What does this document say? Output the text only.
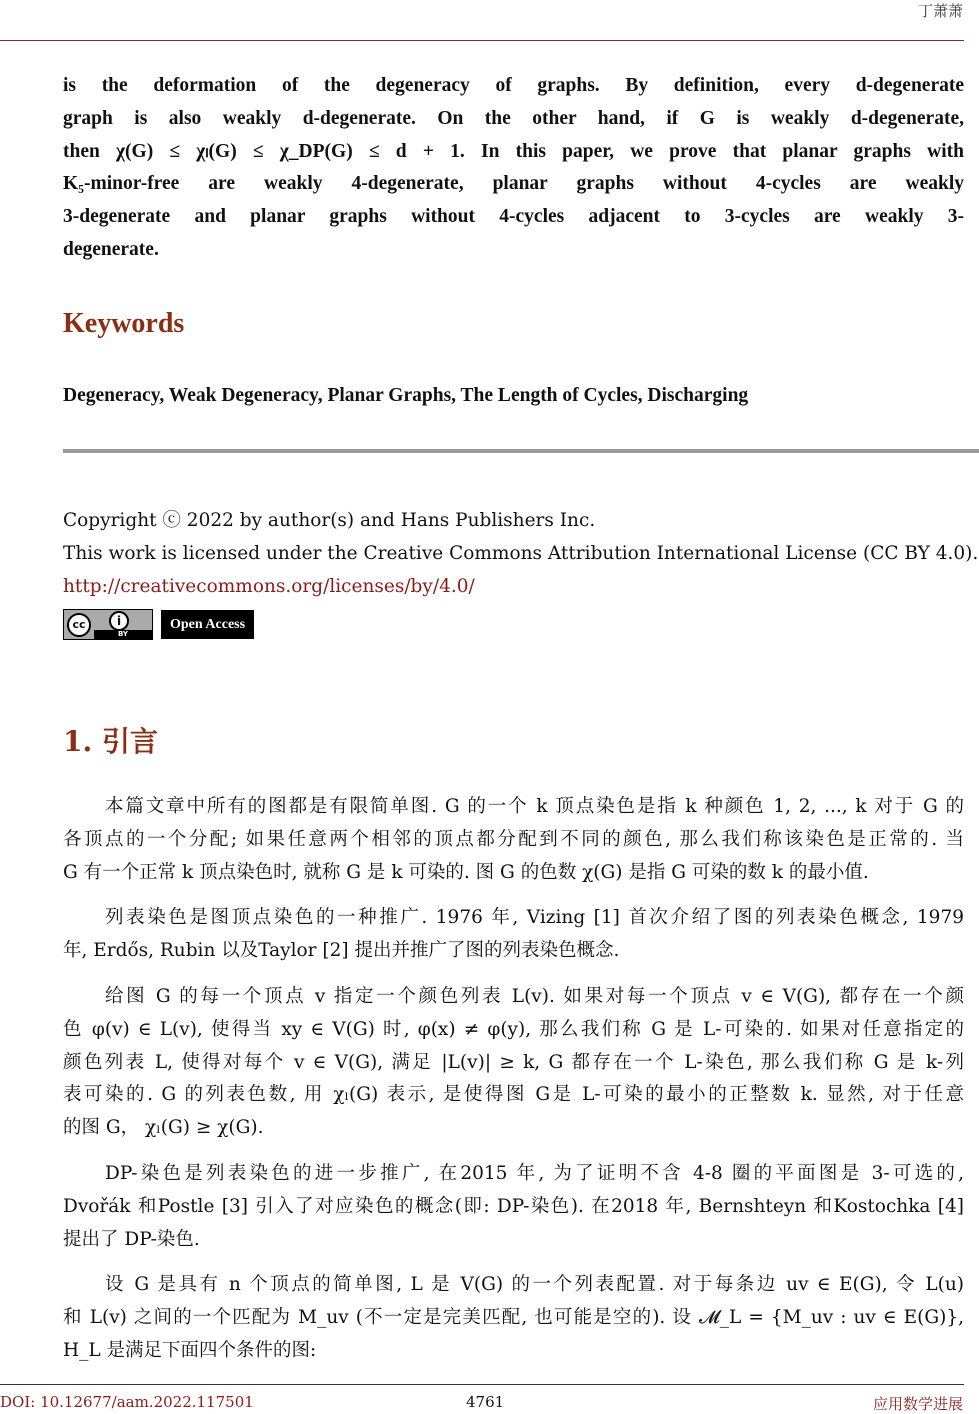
丁萧萧
is the deformation of the degeneracy of graphs. By definition, every d-degenerate
graph is also weakly d-degenerate. On the other hand, if G is weakly d-degenerate,
then χ(G) ≤ χₗ(G) ≤ χ_DP(G) ≤ d + 1. In this paper, we prove that planar graphs with
K₅-minor-free are weakly 4-degenerate, planar graphs without 4-cycles are weakly
3-degenerate and planar graphs without 4-cycles adjacent to 3-cycles are weakly 3-
degenerate.
Keywords
Degeneracy, Weak Degeneracy, Planar Graphs, The Length of Cycles, Discharging
Copyright ⓒ 2022 by author(s) and Hans Publishers Inc.
This work is licensed under the Creative Commons Attribution International License (CC BY 4.0).
http://creativecommons.org/licenses/by/4.0/
cc	i
BY
Open Access
1. 引言
本篇文章中所有的图都是有限简单图. G 的一个 k 顶点染色是指 k 种颜色 1, 2, ..., k 对于 G 的
各顶点的一个分配; 如果任意两个相邻的顶点都分配到不同的颜色, 那么我们称该染色是正常的. 当
G 有一个正常 k 顶点染色时, 就称 G 是 k 可染的. 图 G 的色数 χ(G) 是指 G 可染的数 k 的最小值.
列表染色是图顶点染色的一种推广. 1976 年, Vizing [1] 首次介绍了图的列表染色概念, 1979
年, Erdős, Rubin 以及Taylor [2] 提出并推广了图的列表染色概念.
给图 G 的每一个顶点 v 指定一个颜色列表 L(v). 如果对每一个顶点 v ∈ V(G), 都存在一个颜
色 φ(v) ∈ L(v), 使得当 xy ∈ V(G) 时, φ(x) ≠ φ(y), 那么我们称 G 是 L-可染的. 如果对任意指定的
颜色列表 L, 使得对每个 v ∈ V(G), 满足 |L(v)| ≥ k, G 都存在一个 L-染色, 那么我们称 G 是 k-列
表可染的. G 的列表色数, 用 χₗ(G) 表示, 是使得图 G是 L-可染的最小的正整数 k. 显然, 对于任意
的图 G， χₗ(G) ≥ χ(G).
DP-染色是列表染色的进一步推广, 在2015 年, 为了证明不含 4-8 圈的平面图是 3-可选的,
Dvořák 和Postle [3] 引入了对应染色的概念(即: DP-染色). 在2018 年, Bernshteyn 和Kostochka [4]
提出了 DP-染色.
设 G 是具有 n 个顶点的简单图, L 是 V(G) 的一个列表配置. 对于每条边 uv ∈ E(G), 令 L(u)
和 L(v) 之间的一个匹配为 M_uv (不一定是完美匹配, 也可能是空的). 设 𝓜_L = {M_uv : uv ∈ E(G)},
H_L 是满足下面四个条件的图:
DOI: 10.12677/aam.2022.117501	4761	应用数学进展
